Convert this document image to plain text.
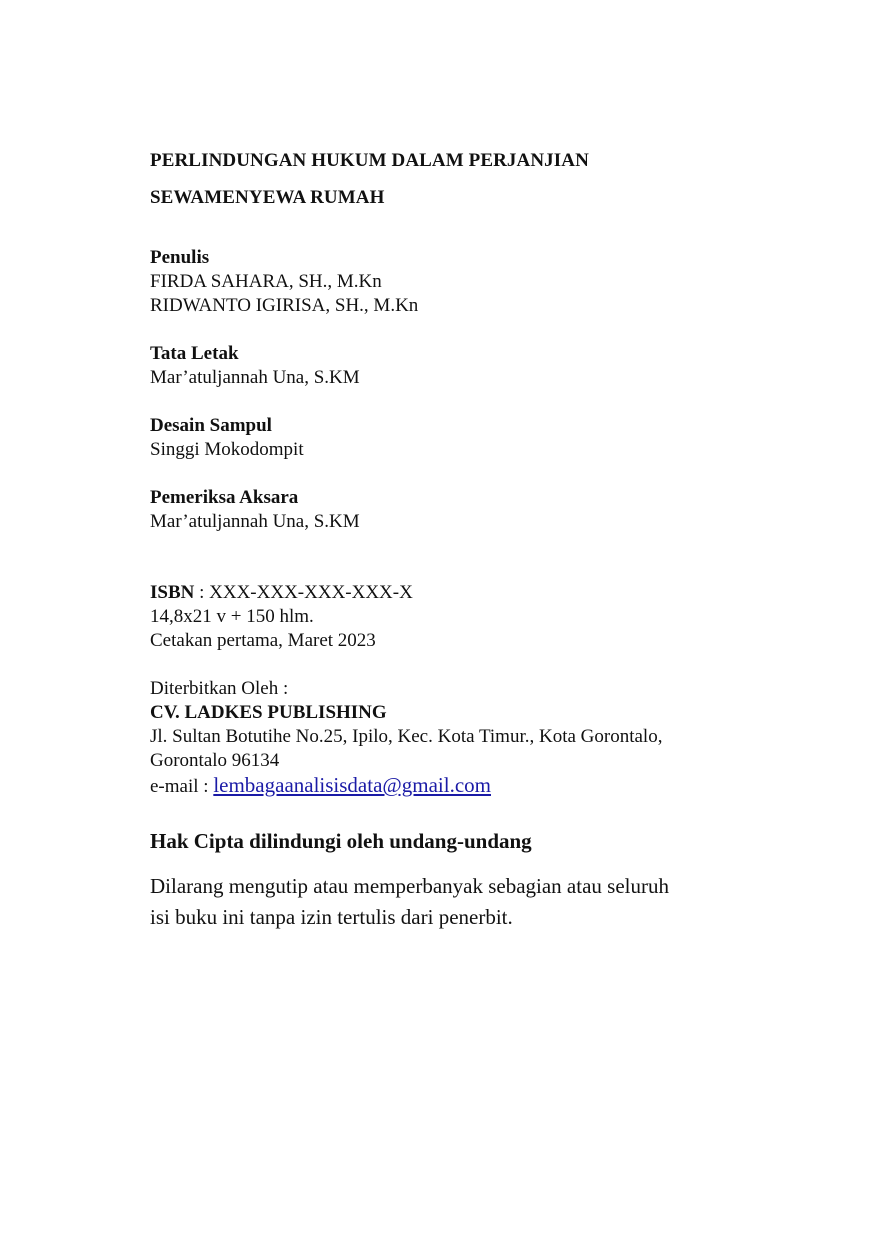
PERLINDUNGAN HUKUM DALAM PERJANJIAN
SEWAMENYEWA RUMAH
Penulis
FIRDA SAHARA, SH., M.Kn
RIDWANTO IGIRISA, SH., M.Kn
Tata Letak
Mar’atuljannah Una, S.KM
Desain Sampul
Singgi Mokodompit
Pemeriksa Aksara
Mar’atuljannah Una, S.KM
ISBN : XXX-XXX-XXX-XXX-X
14,8x21 v + 150 hlm.
Cetakan pertama, Maret 2023
Diterbitkan Oleh :
CV. LADKES PUBLISHING
Jl. Sultan Botutihe No.25, Ipilo, Kec. Kota Timur., Kota Gorontalo,
Gorontalo 96134
e-mail : lembagaanalisisdata@gmail.com
Hak Cipta dilindungi oleh undang-undang
Dilarang mengutip atau memperbanyak sebagian atau seluruh
isi buku ini tanpa izin tertulis dari penerbit.
